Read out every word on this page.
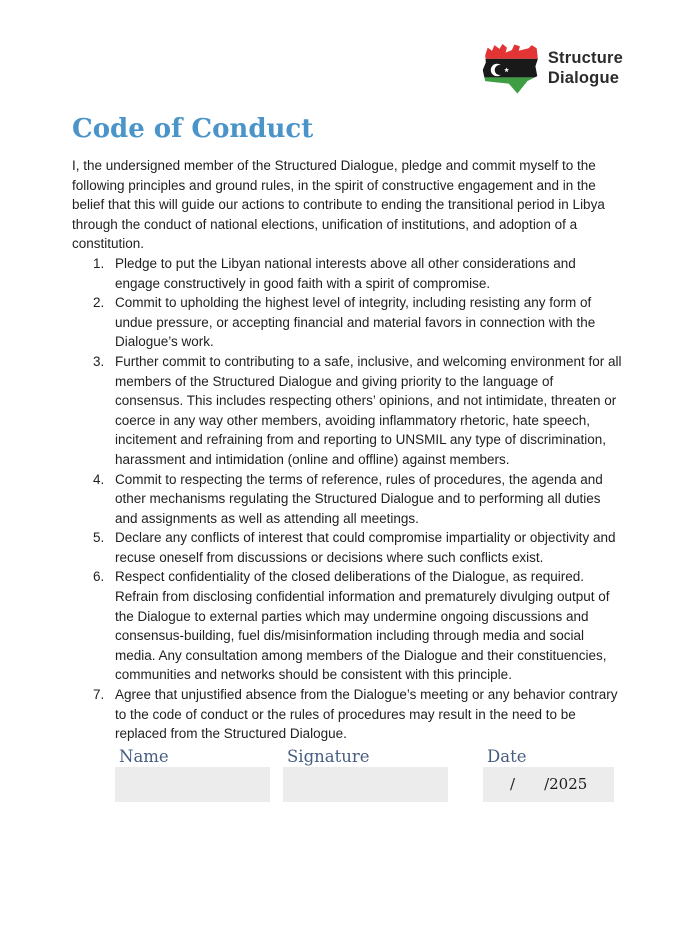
Structure
Dialogue
Code of Conduct

I, the undersigned member of the Structured Dialogue, pledge and commit myself to the following principles and ground rules, in the spirit of constructive engagement and in the belief that this will guide our actions to contribute to ending the transitional period in Libya through the conduct of national elections, unification of institutions, and adoption of a constitution.

1. Pledge to put the Libyan national interests above all other considerations and engage constructively in good faith with a spirit of compromise.
2. Commit to upholding the highest level of integrity, including resisting any form of undue pressure, or accepting financial and material favors in connection with the Dialogue’s work.
3. Further commit to contributing to a safe, inclusive, and welcoming environment for all members of the Structured Dialogue and giving priority to the language of consensus. This includes respecting others’ opinions, and not intimidate, threaten or coerce in any way other members, avoiding inflammatory rhetoric, hate speech, incitement and refraining from and reporting to UNSMIL any type of discrimination, harassment and intimidation (online and offline) against members.
4. Commit to respecting the terms of reference, rules of procedures, the agenda and other mechanisms regulating the Structured Dialogue and to performing all duties and assignments as well as attending all meetings.
5. Declare any conflicts of interest that could compromise impartiality or objectivity and recuse oneself from discussions or decisions where such conflicts exist.
6. Respect confidentiality of the closed deliberations of the Dialogue, as required. Refrain from disclosing confidential information and prematurely divulging output of the Dialogue to external parties which may undermine ongoing discussions and consensus-building, fuel dis/misinformation including through media and social media. Any consultation among members of the Dialogue and their constituencies, communities and networks should be consistent with this principle.
7. Agree that unjustified absence from the Dialogue’s meeting or any behavior contrary to the code of conduct or the rules of procedures may result in the need to be replaced from the Structured Dialogue.
Name	Signature	Date
/ /2025
